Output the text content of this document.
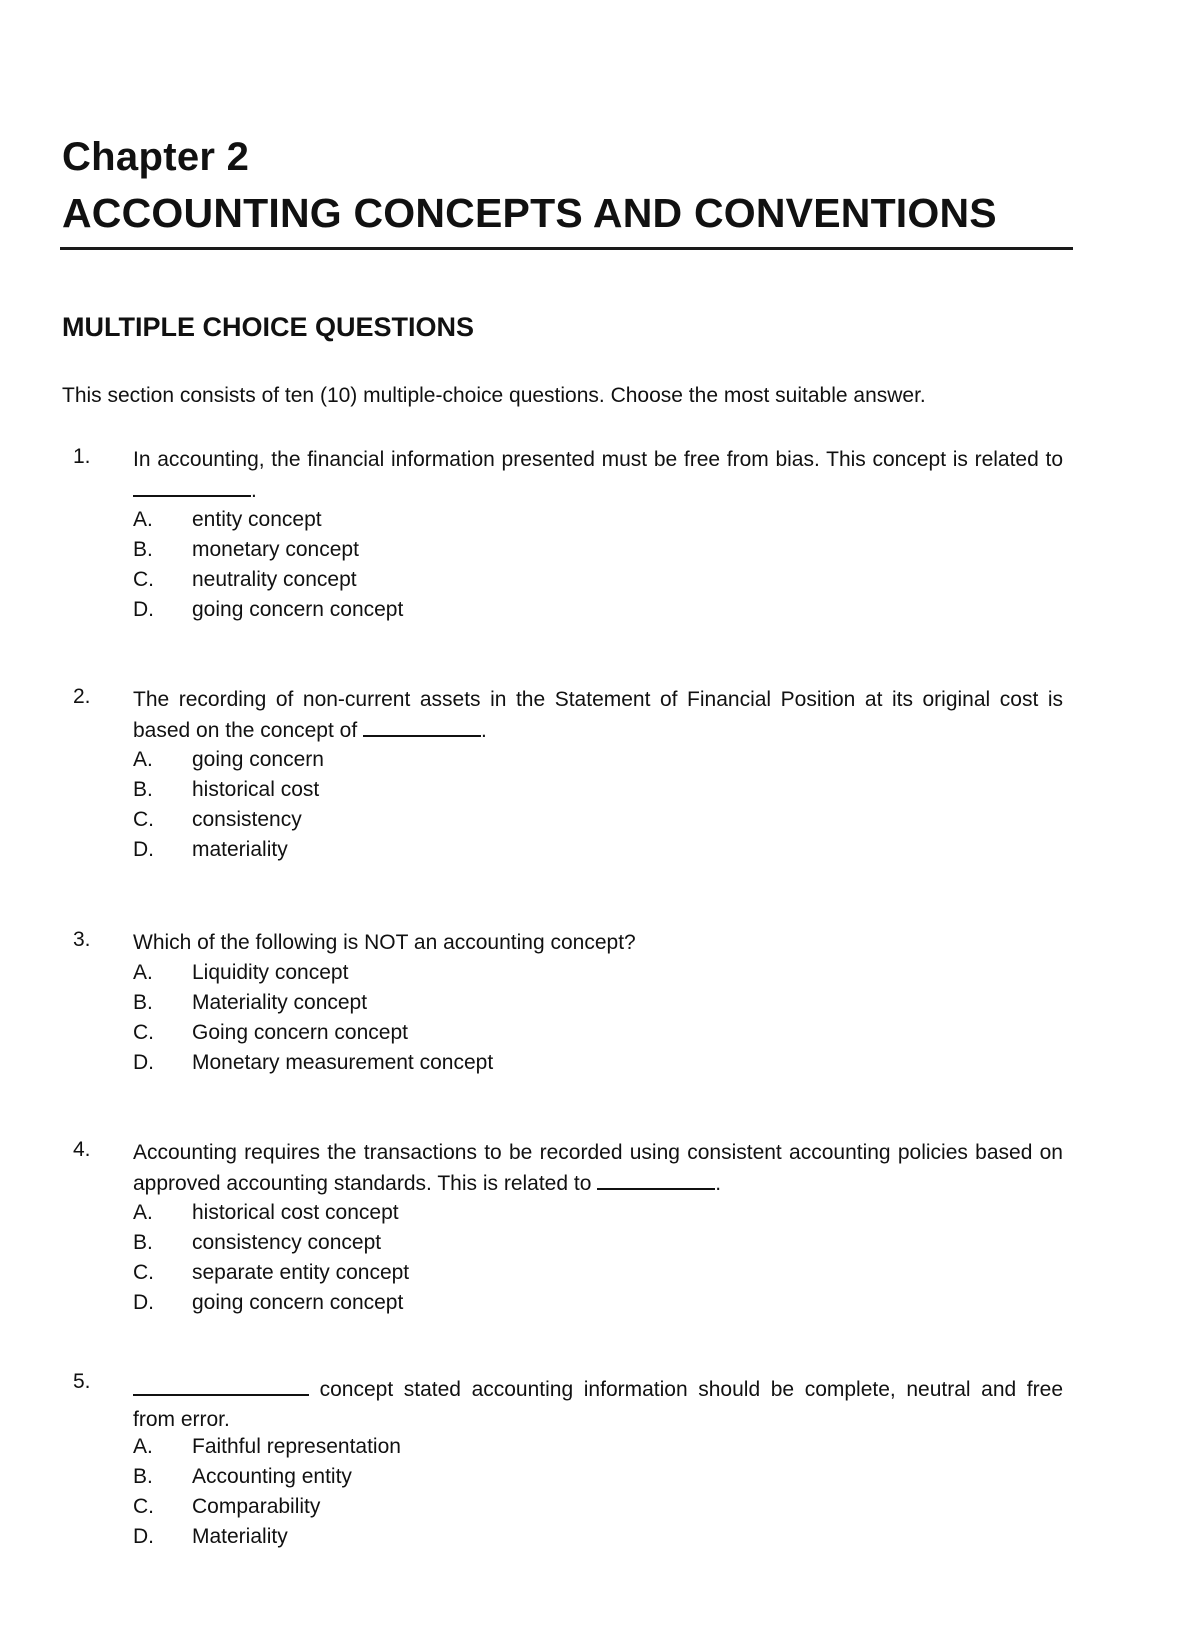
Chapter 2
ACCOUNTING CONCEPTS AND CONVENTIONS
MULTIPLE CHOICE QUESTIONS
This section consists of ten (10) multiple-choice questions. Choose the most suitable answer.
1. In accounting, the financial information presented must be free from bias. This concept is related to .
A. entity concept
B. monetary concept
C. neutrality concept
D. going concern concept
2. The recording of non-current assets in the Statement of Financial Position at its original cost is based on the concept of	.
A. going concern
B. historical cost
C. consistency
D. materiality
3. Which of the following is NOT an accounting concept?
A. Liquidity concept
B. Materiality concept
C. Going concern concept
D. Monetary measurement concept
4. Accounting requires the transactions to be recorded using consistent accounting policies based on approved accounting standards. This is related to	.
A. historical cost concept
B. consistency concept
C. separate entity concept
D. going concern concept
5.	concept stated accounting information should be complete, neutral and free from error.
A. Faithful representation
B. Accounting entity
C. Comparability
D. Materiality
